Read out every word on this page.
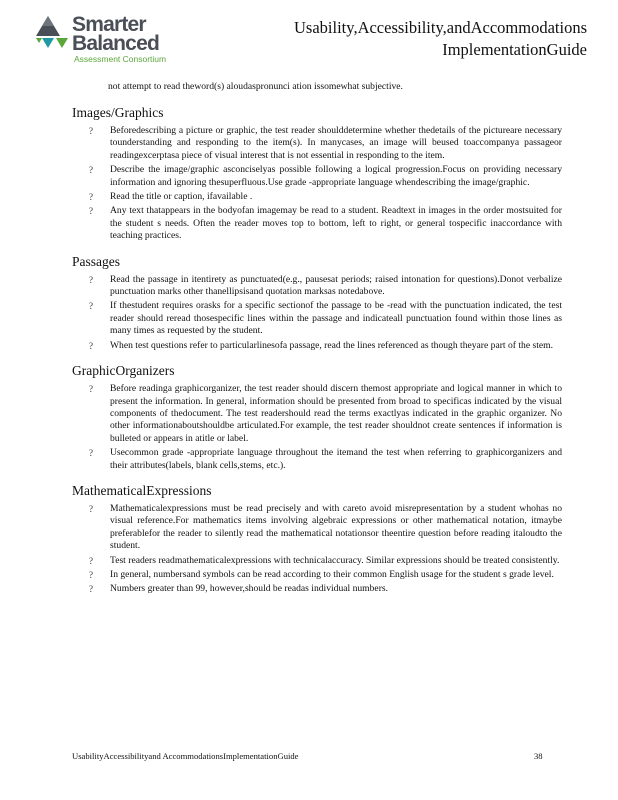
Smarter
Balanced
Assessment Consortium
Usability,Accessibility,andAccommodations
ImplementationGuide
not attempt to read theword(s) aloudaspronunci ation issomewhat subjective.
Images/Graphics
? Beforedescribing a picture or graphic, the test reader shoulddetermine whether thedetails of the pictureare necessary tounderstanding and responding to the item(s). In manycases, an image will beused toaccompanya passageor readingexcerptasa piece of visual interest that is not essential in responding to the item.
? Describe the image/graphic asconciselyas possible following a logical progression.Focus on providing necessary information and ignoring thesuperfluous.Use grade -appropriate language whendescribing the image/graphic.
? Read the title or caption, ifavailable .
? Any text thatappears in the bodyofan imagemay be read to a student. Readtext in images in the order mostsuited for the student s needs. Often the reader moves top to bottom, left to right, or general tospecific inaccordance with teaching practices.
Passages
? Read the passage in itentirety as punctuated(e.g., pausesat periods; raised intonation for questions).Donot verbalize punctuation marks other thanellipsisand quotation marksas notedabove.
? If thestudent requires orasks for a specific sectionof the passage to be -read with the punctuation indicated, the test reader should reread thosespecific lines within the passage and indicateall punctuation found within those lines as many times as requested by the student.
? When test questions refer to particularlinesofa passage, read the lines referenced as though theyare part of the stem.
GraphicOrganizers
? Before readinga graphicorganizer, the test reader should discern themost appropriate and logical manner in which to present the information. In general, information should be presented from broad to specificas indicated by the visual components of thedocument. The test readershould read the terms exactlyas indicated in the graphic organizer. No other informationaboutshouldbe articulated.For example, the test reader shouldnot create sentences if information is bulleted or appears in atitle or label.
? Usecommon grade -appropriate language throughout the itemand the test when referring to graphicorganizers and their attributes(labels, blank cells,stems, etc.).
MathematicalExpressions
? Mathematicalexpressions must be read precisely and with careto avoid misrepresentation by a student whohas no visual reference.For mathematics items involving algebraic expressions or other mathematical notation, itmaybe preferablefor the reader to silently read the mathematical notationsor theentire question before reading italoudto the student.
? Test readers readmathematicalexpressions with technicalaccuracy. Similar expressions should be treated consistently.
? In general, numbersand symbols can be read according to their common English usage for the student s grade level.
? Numbers greater than 99, however,should be readas individual numbers.
UsabilityAccessibilityand AccommodationsImplementationGuide	38
